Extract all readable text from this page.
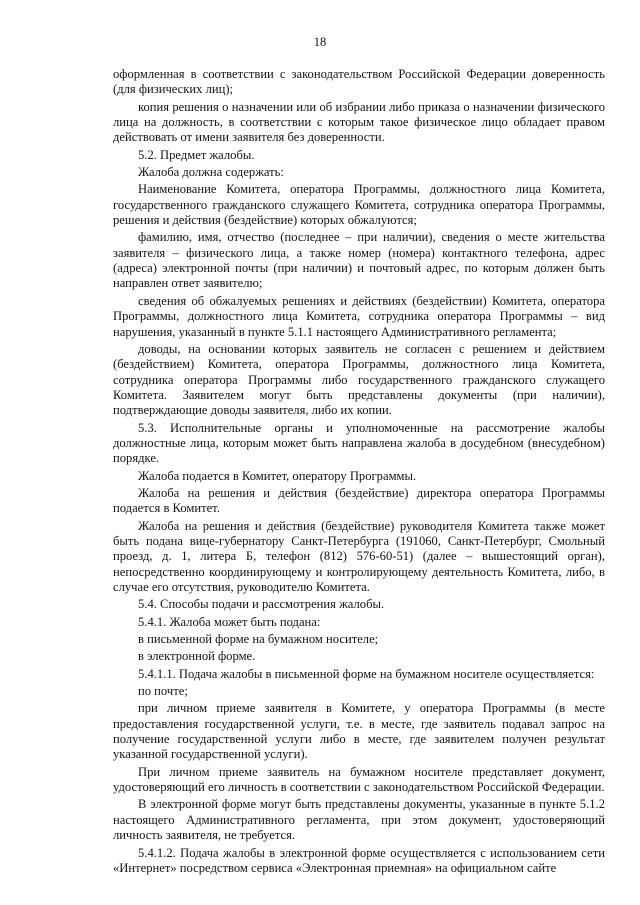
18

оформленная в соответствии с законодательством Российской Федерации доверенность (для физических лиц);

копия решения о назначении или об избрании либо приказа о назначении физического лица на должность, в соответствии с которым такое физическое лицо обладает правом действовать от имени заявителя без доверенности.

5.2. Предмет жалобы.

Жалоба должна содержать:

Наименование Комитета, оператора Программы, должностного лица Комитета, государственного гражданского служащего Комитета, сотрудника оператора Программы, решения и действия (бездействие) которых обжалуются;

фамилию, имя, отчество (последнее – при наличии), сведения о месте жительства заявителя – физического лица, а также номер (номера) контактного телефона, адрес (адреса) электронной почты (при наличии) и почтовый адрес, по которым должен быть направлен ответ заявителю;

сведения об обжалуемых решениях и действиях (бездействии) Комитета, оператора Программы, должностного лица Комитета, сотрудника оператора Программы – вид нарушения, указанный в пункте 5.1.1 настоящего Административного регламента;

доводы, на основании которых заявитель не согласен с решением и действием (бездействием) Комитета, оператора Программы, должностного лица Комитета, сотрудника оператора Программы либо государственного гражданского служащего Комитета. Заявителем могут быть представлены документы (при наличии), подтверждающие доводы заявителя, либо их копии.

5.3. Исполнительные органы и уполномоченные на рассмотрение жалобы должностные лица, которым может быть направлена жалоба в досудебном (внесудебном) порядке.

Жалоба подается в Комитет, оператору Программы.

Жалоба на решения и действия (бездействие) директора оператора Программы подается в Комитет.

Жалоба на решения и действия (бездействие) руководителя Комитета также может быть подана вице-губернатору Санкт-Петербурга (191060, Санкт-Петербург, Смольный проезд, д. 1, литера Б, телефон (812) 576-60-51) (далее – вышестоящий орган), непосредственно координирующему и контролирующему деятельность Комитета, либо, в случае его отсутствия, руководителю Комитета.

5.4. Способы подачи и рассмотрения жалобы.

5.4.1. Жалоба может быть подана:

в письменной форме на бумажном носителе;

в электронной форме.

5.4.1.1. Подача жалобы в письменной форме на бумажном носителе осуществляется:

по почте;

при личном приеме заявителя в Комитете, у оператора Программы (в месте предоставления государственной услуги, т.е. в месте, где заявитель подавал запрос на получение государственной услуги либо в месте, где заявителем получен результат указанной государственной услуги).

При личном приеме заявитель на бумажном носителе представляет документ, удостоверяющий его личность в соответствии с законодательством Российской Федерации.

В электронной форме могут быть представлены документы, указанные в пункте 5.1.2 настоящего Административного регламента, при этом документ, удостоверяющий личность заявителя, не требуется.

5.4.1.2. Подача жалобы в электронной форме осуществляется с использованием сети «Интернет» посредством сервиса «Электронная приемная» на официальном сайте
